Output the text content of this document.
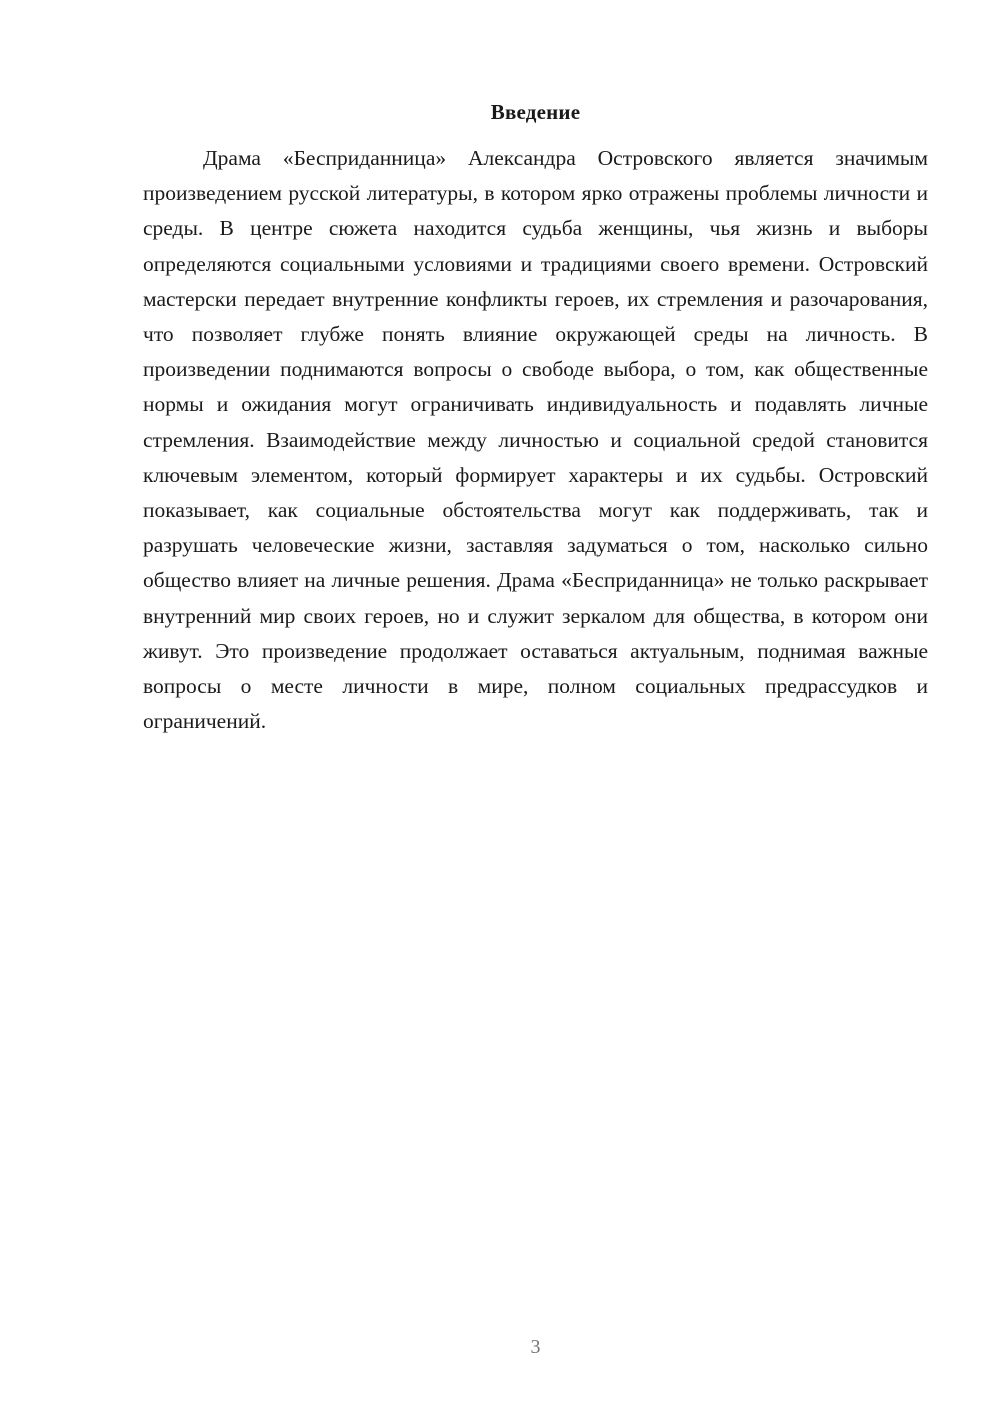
Введение

Драма «Бесприданница» Александра Островского является значимым произведением русской литературы, в котором ярко отражены проблемы личности и среды. В центре сюжета находится судьба женщины, чья жизнь и выборы определяются социальными условиями и традициями своего времени. Островский мастерски передает внутренние конфликты героев, их стремления и разочарования, что позволяет глубже понять влияние окружающей среды на личность. В произведении поднимаются вопросы о свободе выбора, о том, как общественные нормы и ожидания могут ограничивать индивидуальность и подавлять личные стремления. Взаимодействие между личностью и социальной средой становится ключевым элементом, который формирует характеры и их судьбы. Островский показывает, как социальные обстоятельства могут как поддерживать, так и разрушать человеческие жизни, заставляя задуматься о том, насколько сильно общество влияет на личные решения. Драма «Бесприданница» не только раскрывает внутренний мир своих героев, но и служит зеркалом для общества, в котором они живут. Это произведение продолжает оставаться актуальным, поднимая важные вопросы о месте личности в мире, полном социальных предрассудков и ограничений.

3
